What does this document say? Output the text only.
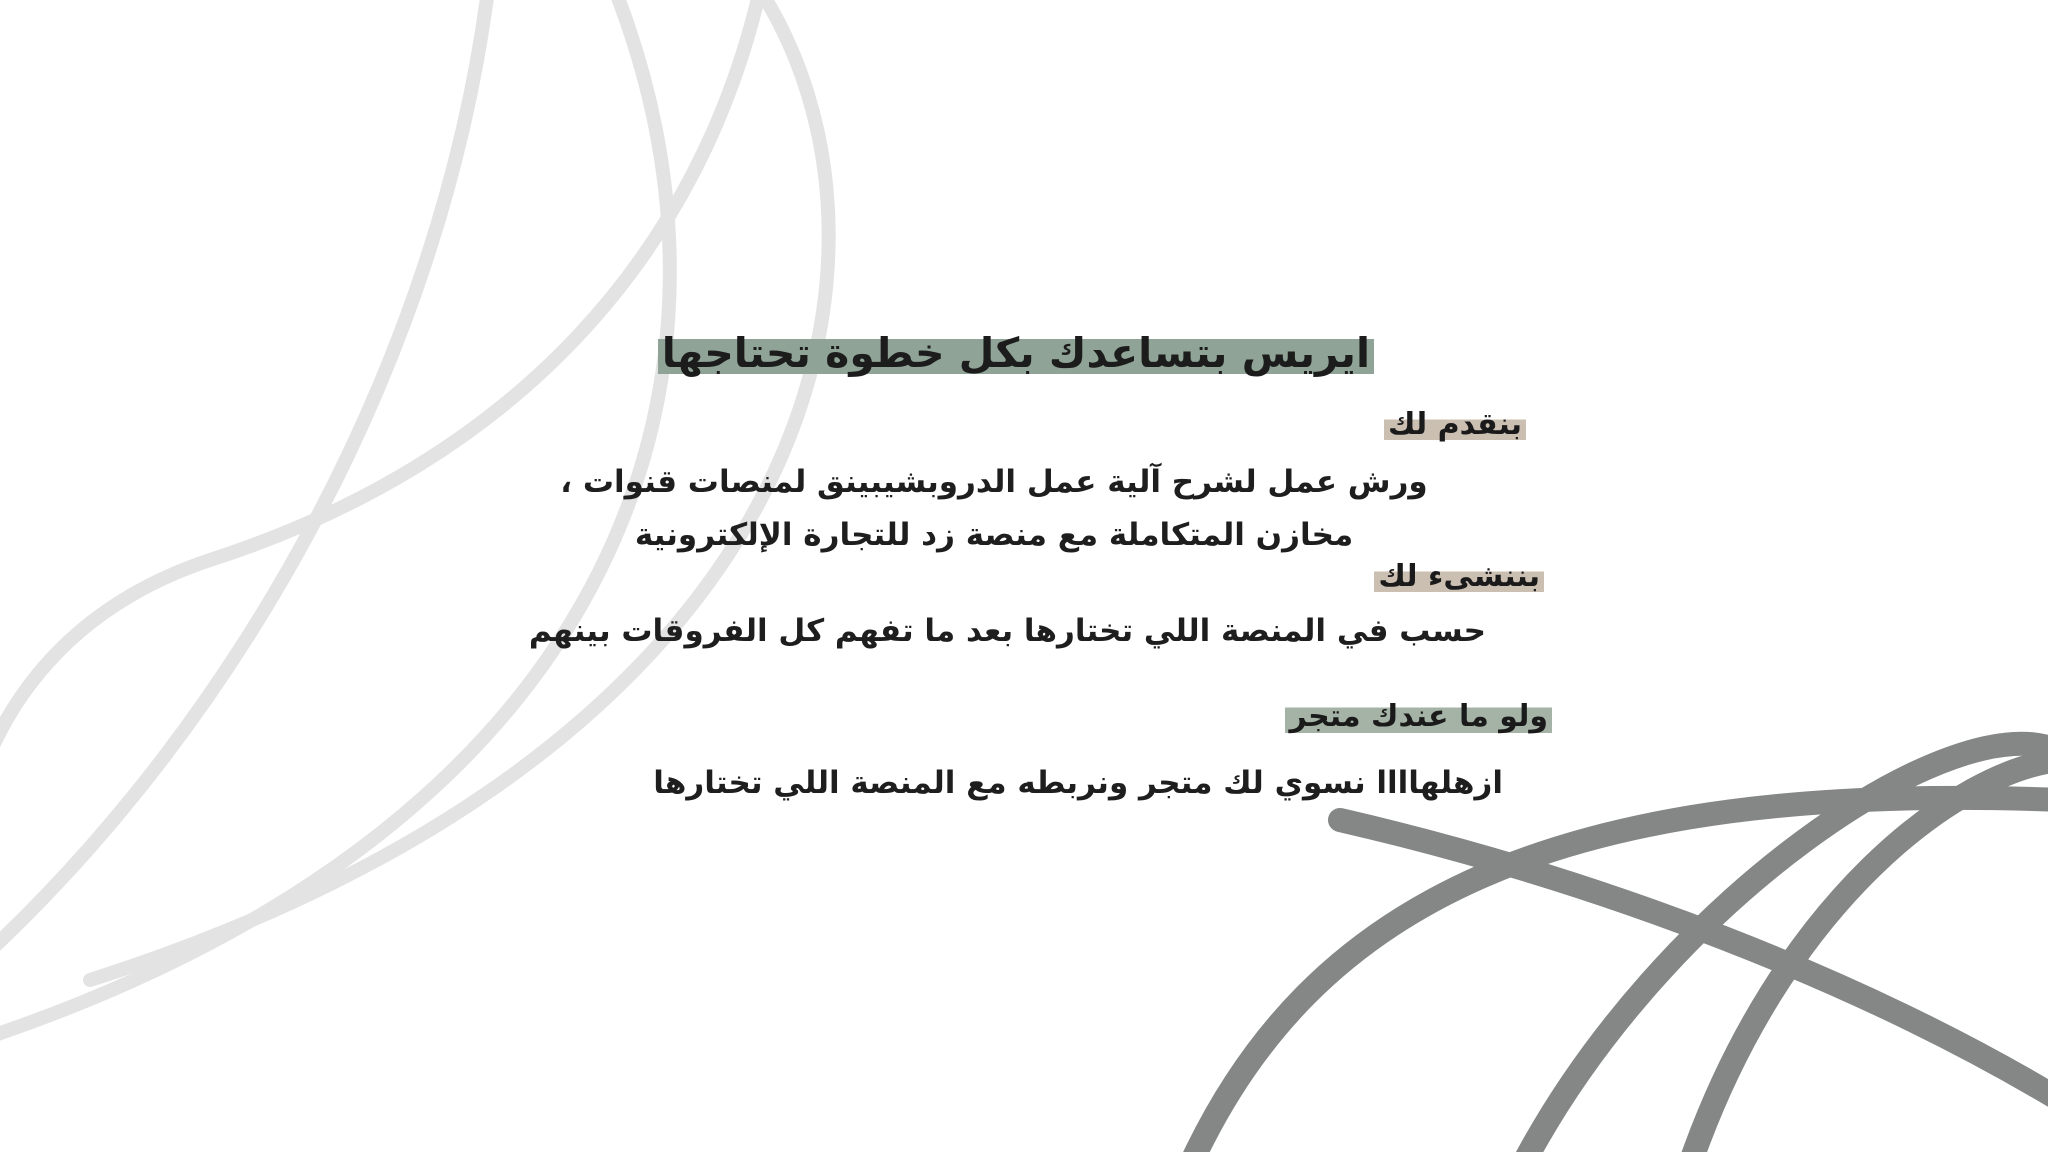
ايريس بتساعدك بكل خطوة تحتاجها
بنقدم لك

ورش عمل لشرح آلية عمل الدروبشيبينق لمنصات قنوات ، مخازن المتكاملة مع منصة زد للتجارة الإلكترونية

بننشىء لك

حسب في المنصة اللي تختارها بعد ما تفهم كل الفروقات بينهم

ولو ما عندك متجر

ازهلهاااا نسوي لك متجر ونربطه مع المنصة اللي تختارها
